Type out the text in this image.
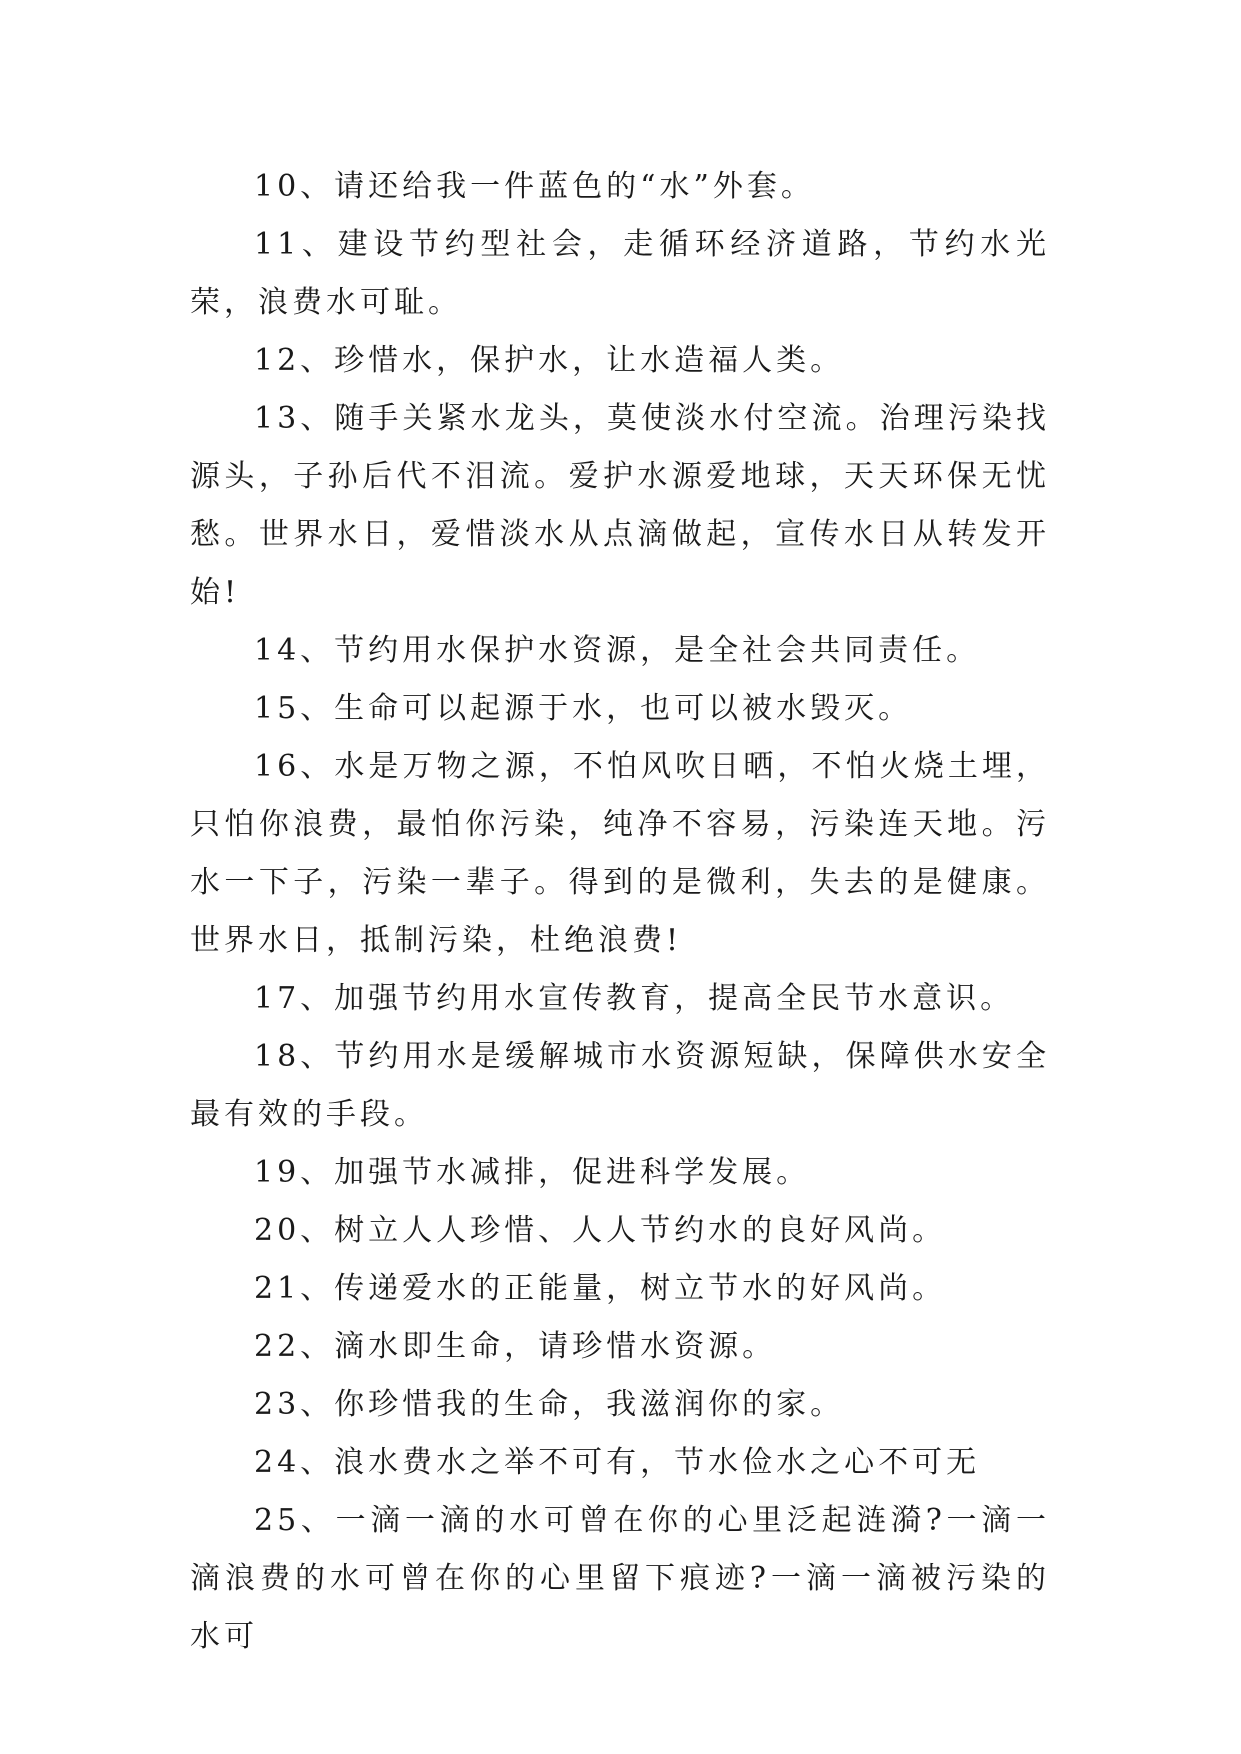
10、请还给我一件蓝色的“水”外套。

11、建设节约型社会，走循环经济道路，节约水光荣，浪费水可耻。

12、珍惜水，保护水，让水造福人类。

13、随手关紧水龙头，莫使淡水付空流。治理污染找源头，子孙后代不泪流。爱护水源爱地球，天天环保无忧愁。世界水日，爱惜淡水从点滴做起，宣传水日从转发开始!

14、节约用水保护水资源，是全社会共同责任。

15、生命可以起源于水，也可以被水毁灭。

16、水是万物之源，不怕风吹日晒，不怕火烧土埋，只怕你浪费，最怕你污染，纯净不容易，污染连天地。污水一下子，污染一辈子。得到的是微利，失去的是健康。世界水日，抵制污染，杜绝浪费!

17、加强节约用水宣传教育，提高全民节水意识。

18、节约用水是缓解城市水资源短缺，保障供水安全最有效的手段。

19、加强节水减排，促进科学发展。

20、树立人人珍惜、人人节约水的良好风尚。

21、传递爱水的正能量，树立节水的好风尚。

22、滴水即生命，请珍惜水资源。

23、你珍惜我的生命，我滋润你的家。

24、浪水费水之举不可有，节水俭水之心不可无

25、一滴一滴的水可曾在你的心里泛起涟漪?一滴一滴浪费的水可曾在你的心里留下痕迹?一滴一滴被污染的水可
